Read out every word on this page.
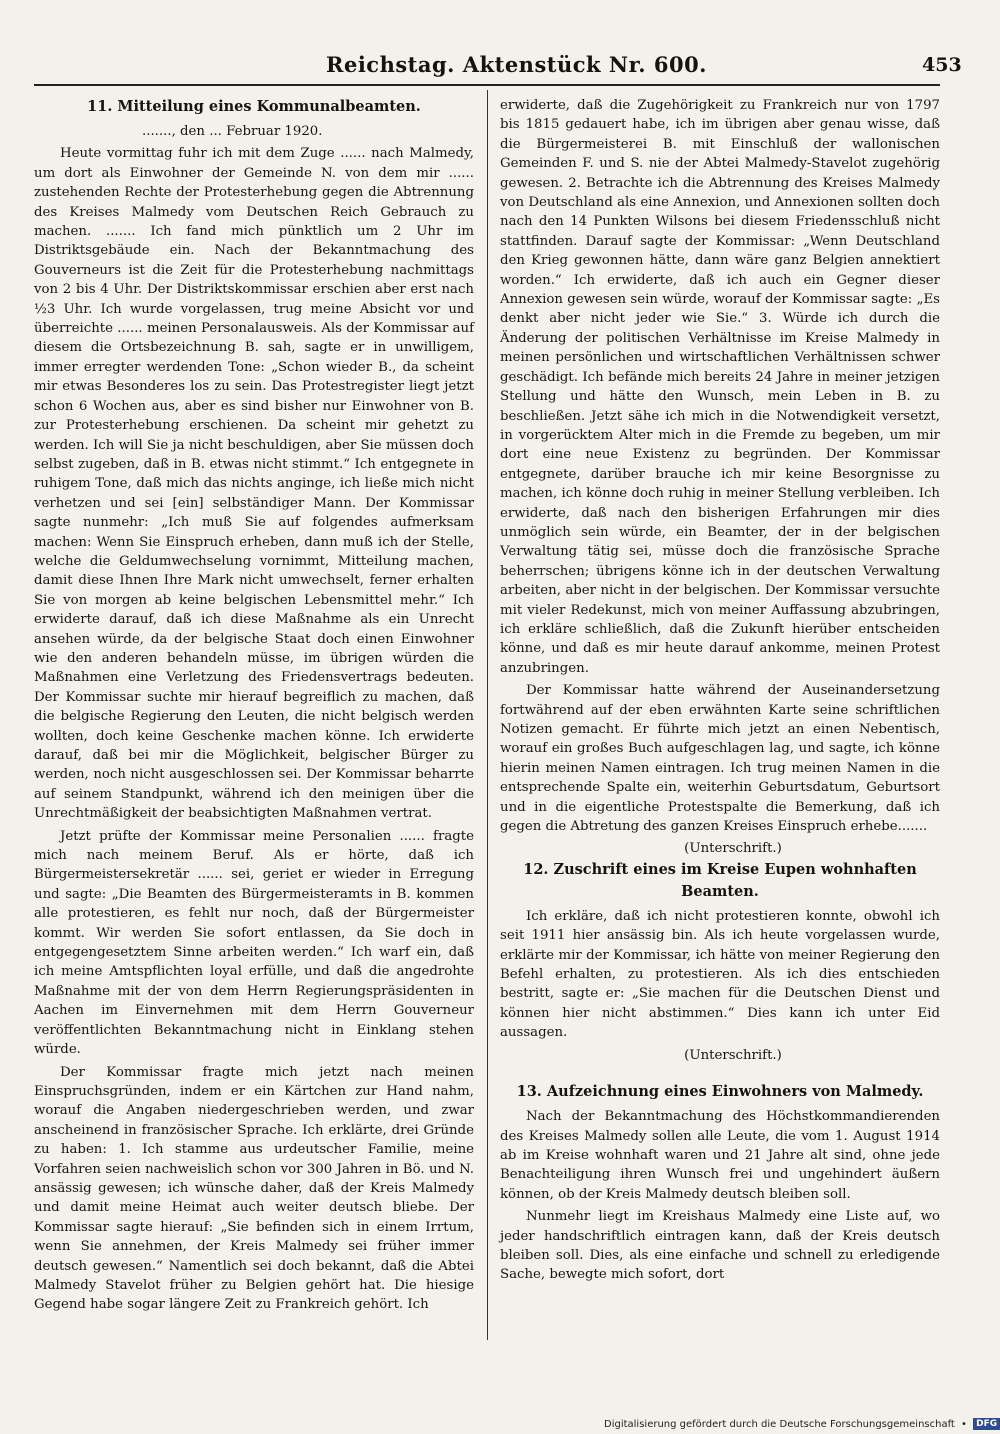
Reichstag. Aktenstück Nr. 600.	453
11. Mitteilung eines Kommunalbeamten.

......., den ... Februar 1920.

Heute vormittag fuhr ich mit dem Zuge ...... nach Malmedy, um dort als Einwohner der Gemeinde N. von dem mir ...... zustehenden Rechte der Protesterhebung gegen die Abtrennung des Kreises Malmedy vom Deutschen Reich Gebrauch zu machen. ....... Ich fand mich pünktlich um 2 Uhr im Distriktsgebäude ein. Nach der Bekanntmachung des Gouverneurs ist die Zeit für die Protesterhebung nachmittags von 2 bis 4 Uhr. Der Distriktskommissar erschien aber erst nach ½3 Uhr. Ich wurde vorgelassen, trug meine Absicht vor und überreichte ...... meinen Personalausweis. Als der Kommissar auf diesem die Ortsbezeichnung B. sah, sagte er in unwilligem, immer erregter werdenden Tone: „Schon wieder B., da scheint mir etwas Besonderes los zu sein. Das Protestregister liegt jetzt schon 6 Wochen aus, aber es sind bisher nur Einwohner von B. zur Protesterhebung erschienen. Da scheint mir gehetzt zu werden. Ich will Sie ja nicht beschuldigen, aber Sie müssen doch selbst zugeben, daß in B. etwas nicht stimmt.“ Ich entgegnete in ruhigem Tone, daß mich das nichts anginge, ich ließe mich nicht verhetzen und sei [ein] selbständiger Mann. Der Kommissar sagte nunmehr: „Ich muß Sie auf folgendes aufmerksam machen: Wenn Sie Einspruch erheben, dann muß ich der Stelle, welche die Geldumwechselung vornimmt, Mitteilung machen, damit diese Ihnen Ihre Mark nicht umwechselt, ferner erhalten Sie von morgen ab keine belgischen Lebensmittel mehr.“ Ich erwiderte darauf, daß ich diese Maßnahme als ein Unrecht ansehen würde, da der belgische Staat doch einen Einwohner wie den anderen behandeln müsse, im übrigen würden die Maßnahmen eine Verletzung des Friedensvertrags bedeuten. Der Kommissar suchte mir hierauf begreiflich zu machen, daß die belgische Regierung den Leuten, die nicht belgisch werden wollten, doch keine Geschenke machen könne. Ich erwiderte darauf, daß bei mir die Möglichkeit, belgischer Bürger zu werden, noch nicht ausgeschlossen sei. Der Kommissar beharrte auf seinem Standpunkt, während ich den meinigen über die Unrechtmäßigkeit der beabsichtigten Maßnahmen vertrat.

Jetzt prüfte der Kommissar meine Personalien ...... fragte mich nach meinem Beruf. Als er hörte, daß ich Bürgermeistersekretär ...... sei, geriet er wieder in Erregung und sagte: „Die Beamten des Bürgermeisteramts in B. kommen alle protestieren, es fehlt nur noch, daß der Bürgermeister kommt. Wir werden Sie sofort entlassen, da Sie doch in entgegengesetztem Sinne arbeiten werden.“ Ich warf ein, daß ich meine Amtspflichten loyal erfülle, und daß die angedrohte Maßnahme mit der von dem Herrn Regierungspräsidenten in Aachen im Einvernehmen mit dem Herrn Gouverneur veröffentlichten Bekanntmachung nicht in Einklang stehen würde.

Der Kommissar fragte mich jetzt nach meinen Einspruchsgründen, indem er ein Kärtchen zur Hand nahm, worauf die Angaben niedergeschrieben werden, und zwar anscheinend in französischer Sprache. Ich erklärte, drei Gründe zu haben: 1. Ich stamme aus urdeutscher Familie, meine Vorfahren seien nachweislich schon vor 300 Jahren in Bö. und N. ansässig gewesen; ich wünsche daher, daß der Kreis Malmedy und damit meine Heimat auch weiter deutsch bliebe. Der Kommissar sagte hierauf: „Sie befinden sich in einem Irrtum, wenn Sie annehmen, der Kreis Malmedy sei früher immer deutsch gewesen.“ Namentlich sei doch bekannt, daß die Abtei Malmedy Stavelot früher zu Belgien gehört hat. Die hiesige Gegend habe sogar längere Zeit zu Frankreich gehört. Ich

erwiderte, daß die Zugehörigkeit zu Frankreich nur von 1797 bis 1815 gedauert habe, ich im übrigen aber genau wisse, daß die Bürgermeisterei B. mit Einschluß der wallonischen Gemeinden F. und S. nie der Abtei Malmedy-Stavelot zugehörig gewesen. 2. Betrachte ich die Abtrennung des Kreises Malmedy von Deutschland als eine Annexion, und Annexionen sollten doch nach den 14 Punkten Wilsons bei diesem Friedensschluß nicht stattfinden. Darauf sagte der Kommissar: „Wenn Deutschland den Krieg gewonnen hätte, dann wäre ganz Belgien annektiert worden.“ Ich erwiderte, daß ich auch ein Gegner dieser Annexion gewesen sein würde, worauf der Kommissar sagte: „Es denkt aber nicht jeder wie Sie.“ 3. Würde ich durch die Änderung der politischen Verhältnisse im Kreise Malmedy in meinen persönlichen und wirtschaftlichen Verhältnissen schwer geschädigt. Ich befände mich bereits 24 Jahre in meiner jetzigen Stellung und hätte den Wunsch, mein Leben in B. zu beschließen. Jetzt sähe ich mich in die Notwendigkeit versetzt, in vorgerücktem Alter mich in die Fremde zu begeben, um mir dort eine neue Existenz zu begründen. Der Kommissar entgegnete, darüber brauche ich mir keine Besorgnisse zu machen, ich könne doch ruhig in meiner Stellung verbleiben. Ich erwiderte, daß nach den bisherigen Erfahrungen mir dies unmöglich sein würde, ein Beamter, der in der belgischen Verwaltung tätig sei, müsse doch die französische Sprache beherrschen; übrigens könne ich in der deutschen Verwaltung arbeiten, aber nicht in der belgischen. Der Kommissar versuchte mit vieler Redekunst, mich von meiner Auffassung abzubringen, ich erkläre schließlich, daß die Zukunft hierüber entscheiden könne, und daß es mir heute darauf ankomme, meinen Protest anzubringen.

Der Kommissar hatte während der Auseinandersetzung fortwährend auf der eben erwähnten Karte seine schriftlichen Notizen gemacht. Er führte mich jetzt an einen Nebentisch, worauf ein großes Buch aufgeschlagen lag, und sagte, ich könne hierin meinen Namen eintragen. Ich trug meinen Namen in die entsprechende Spalte ein, weiterhin Geburtsdatum, Geburtsort und in die eigentliche Protestspalte die Bemerkung, daß ich gegen die Abtretung des ganzen Kreises Einspruch erhebe.......

(Unterschrift.)

12. Zuschrift eines im Kreise Eupen wohnhaften Beamten.

Ich erkläre, daß ich nicht protestieren konnte, obwohl ich seit 1911 hier ansässig bin. Als ich heute vorgelassen wurde, erklärte mir der Kommissar, ich hätte von meiner Regierung den Befehl erhalten, zu protestieren. Als ich dies entschieden bestritt, sagte er: „Sie machen für die Deutschen Dienst und können hier nicht abstimmen.“ Dies kann ich unter Eid aussagen.

(Unterschrift.)

13. Aufzeichnung eines Einwohners von Malmedy.

Nach der Bekanntmachung des Höchstkommandierenden des Kreises Malmedy sollen alle Leute, die vom 1. August 1914 ab im Kreise wohnhaft waren und 21 Jahre alt sind, ohne jede Benachteiligung ihren Wunsch frei und ungehindert äußern können, ob der Kreis Malmedy deutsch bleiben soll.

Nunmehr liegt im Kreishaus Malmedy eine Liste auf, wo jeder handschriftlich eintragen kann, daß der Kreis deutsch bleiben soll. Dies, als eine einfache und schnell zu erledigende Sache, bewegte mich sofort, dort

Digitalisierung gefördert durch die Deutsche Forschungsgemeinschaft • DFG
